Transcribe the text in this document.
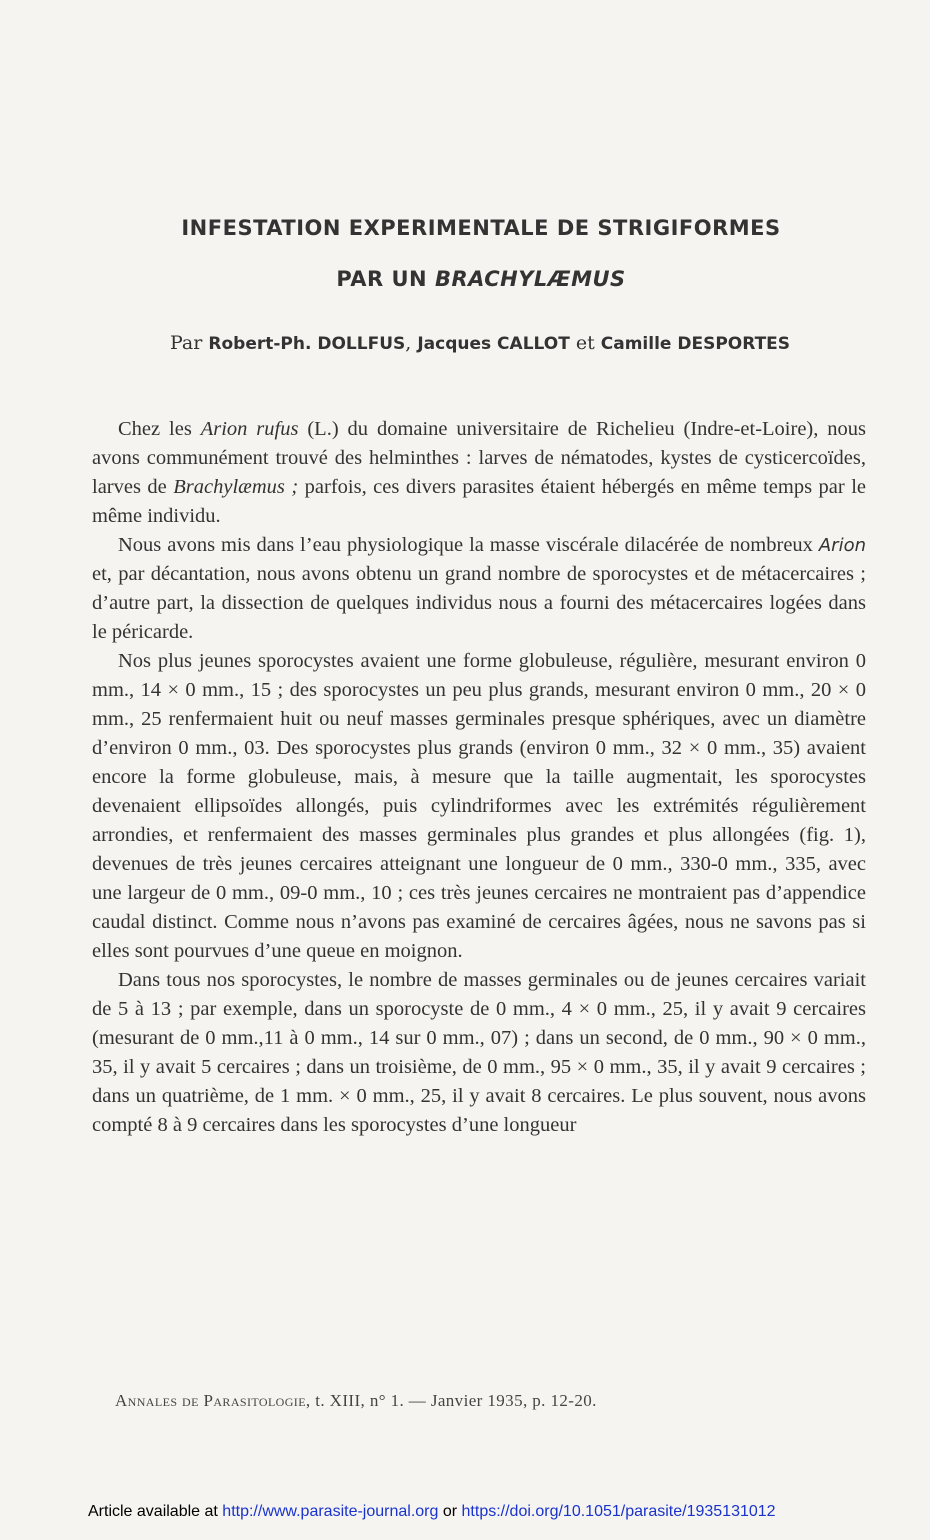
INFESTATION EXPERIMENTALE DE STRIGIFORMES
PAR UN BRACHYLÆMUS
Par Robert-Ph. DOLLFUS, Jacques CALLOT et Camille DESPORTES

Chez les Arion rufus (L.) du domaine universitaire de Richelieu (Indre-et-Loire), nous avons communément trouvé des helminthes : larves de nématodes, kystes de cysticercoïdes, larves de Brachylæmus ; parfois, ces divers parasites étaient hébergés en même temps par le même individu.

Nous avons mis dans l’eau physiologique la masse viscérale dilacérée de nombreux Arion et, par décantation, nous avons obtenu un grand nombre de sporocystes et de métacercaires ; d’autre part, la dissection de quelques individus nous a fourni des métacercaires logées dans le péricarde.

Nos plus jeunes sporocystes avaient une forme globuleuse, régulière, mesurant environ 0 mm., 14 × 0 mm., 15 ; des sporocystes un peu plus grands, mesurant environ 0 mm., 20 × 0 mm., 25 renfermaient huit ou neuf masses germinales presque sphériques, avec un diamètre d’environ 0 mm., 03. Des sporocystes plus grands (environ 0 mm., 32 × 0 mm., 35) avaient encore la forme globuleuse, mais, à mesure que la taille augmentait, les sporocystes devenaient ellipsoïdes allongés, puis cylindriformes avec les extrémités régulièrement arrondies, et renfermaient des masses germinales plus grandes et plus allongées (fig. 1), devenues de très jeunes cercaires atteignant une longueur de 0 mm., 330-0 mm., 335, avec une largeur de 0 mm., 09-0 mm., 10 ; ces très jeunes cercaires ne montraient pas d’appendice caudal distinct. Comme nous n’avons pas examiné de cercaires âgées, nous ne savons pas si elles sont pourvues d’une queue en moignon.

Dans tous nos sporocystes, le nombre de masses germinales ou de jeunes cercaires variait de 5 à 13 ; par exemple, dans un sporocyste de 0 mm., 4 × 0 mm., 25, il y avait 9 cercaires (mesurant de 0 mm.,11 à 0 mm., 14 sur 0 mm., 07) ; dans un second, de 0 mm., 90 × 0 mm., 35, il y avait 5 cercaires ; dans un troisième, de 0 mm., 95 × 0 mm., 35, il y avait 9 cercaires ; dans un quatrième, de 1 mm. × 0 mm., 25, il y avait 8 cercaires. Le plus souvent, nous avons compté 8 à 9 cercaires dans les sporocystes d’une longueur

Annales de Parasitologie, t. XIII, n° 1. — Janvier 1935, p. 12-20.
Article available at http://www.parasite-journal.org or https://doi.org/10.1051/parasite/1935131012
